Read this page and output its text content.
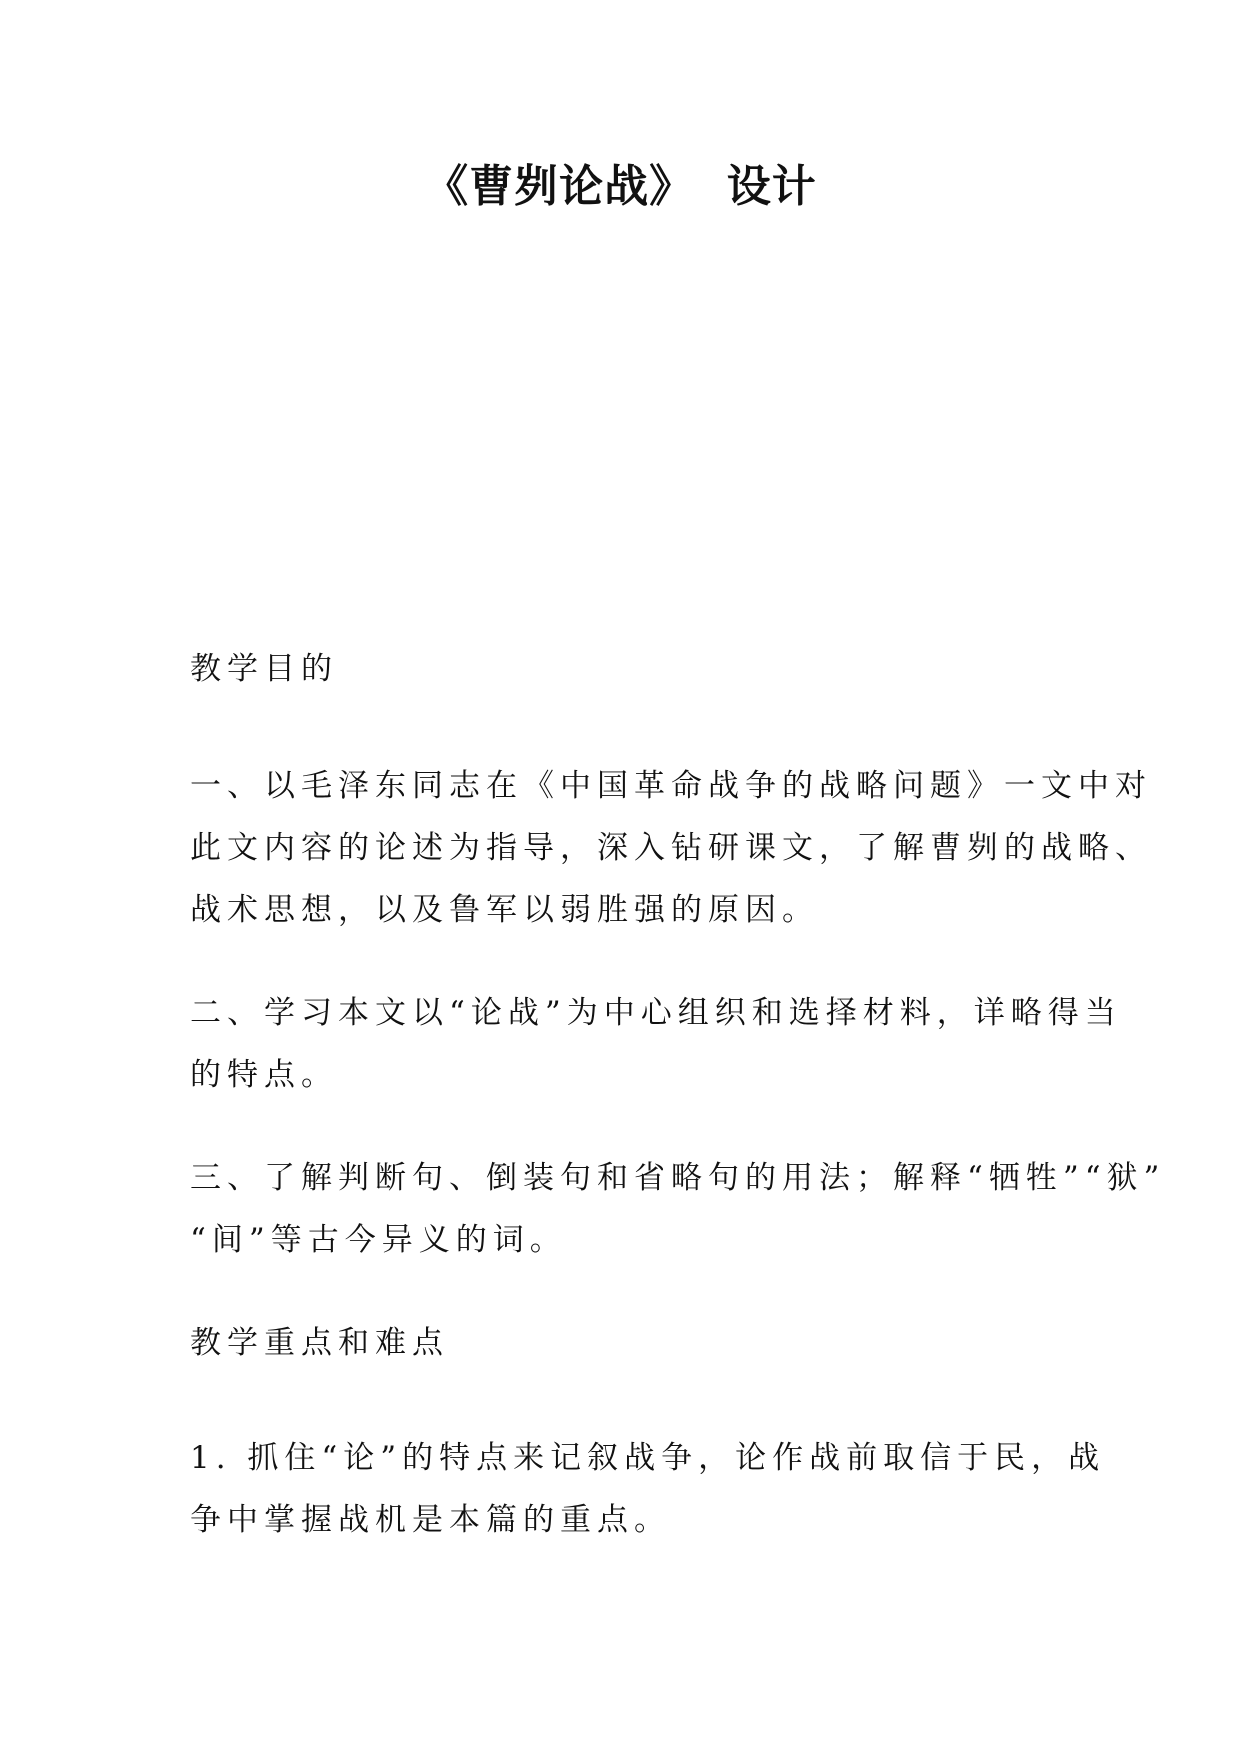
《曹刿论战》  设计

教学目的

一、以毛泽东同志在《中国革命战争的战略问题》一文中对
此文内容的论述为指导，深入钻研课文，了解曹刿的战略、
战术思想，以及鲁军以弱胜强的原因。

二、学习本文以“论战”为中心组织和选择材料，详略得当
的特点。

三、了解判断句、倒装句和省略句的用法；解释“牺牲”“狱”
“间”等古今异义的词。

教学重点和难点

1. 抓住“论”的特点来记叙战争，论作战前取信于民，战
争中掌握战机是本篇的重点。
